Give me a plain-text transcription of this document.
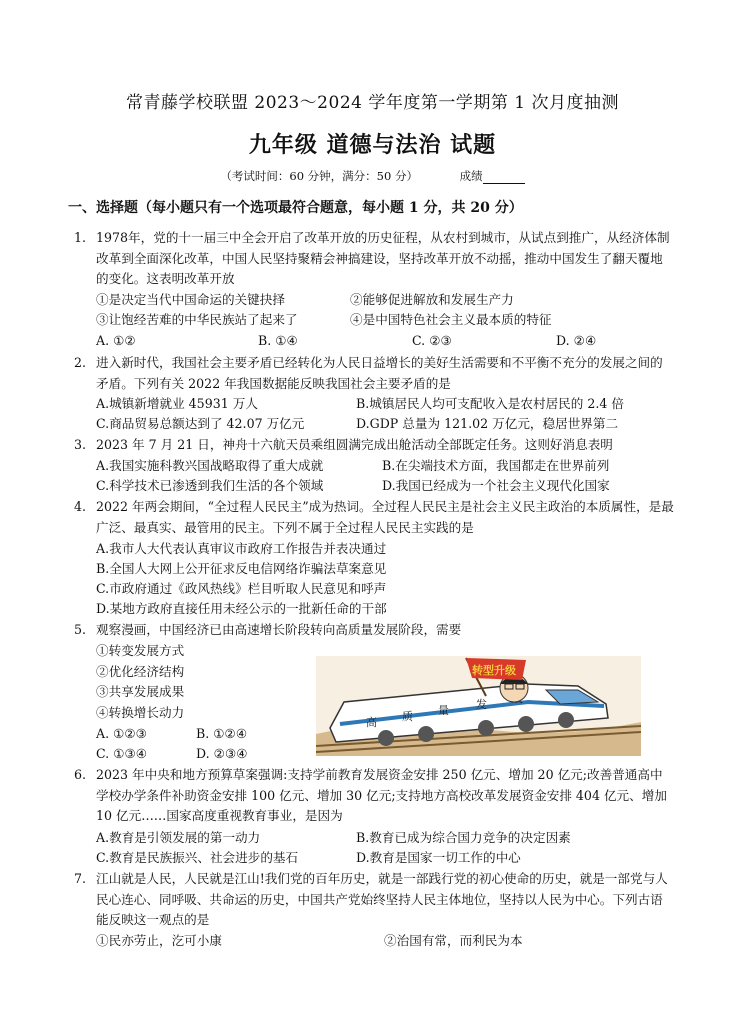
常青藤学校联盟 2023～2024 学年度第一学期第 1 次月度抽测
九年级 道德与法治 试题
（考试时间：60 分钟，满分：50 分）	成绩
一、选择题（每小题只有一个选项最符合题意，每小题 1 分，共 20 分）
1. 1978年，党的十一届三中全会开启了改革开放的历史征程，从农村到城市，从试点到推广，从经济体制改革到全面深化改革，中国人民坚持聚精会神搞建设，坚持改革开放不动摇，推动中国发生了翻天覆地的变化。这表明改革开放
①是决定当代中国命运的关键抉择	②能够促进解放和发展生产力
③让饱经苦难的中华民族站了起来了	④是中国特色社会主义最本质的特征
A. ①②	B. ①④	C. ②③	D. ②④
2. 进入新时代，我国社会主要矛盾已经转化为人民日益增长的美好生活需要和不平衡不充分的发展之间的矛盾。下列有关 2022 年我国数据能反映我国社会主要矛盾的是
A.城镇新增就业 45931 万人	B.城镇居民人均可支配收入是农村居民的 2.4 倍
C.商品贸易总额达到了 42.07 万亿元	D.GDP 总量为 121.02 万亿元，稳居世界第二
3. 2023 年 7 月 21 日，神舟十六航天员乘组圆满完成出舱活动全部既定任务。这则好消息表明
A.我国实施科教兴国战略取得了重大成就	B.在尖端技术方面，我国都走在世界前列
C.科学技术已渗透到我们生活的各个领域	D.我国已经成为一个社会主义现代化国家
4. 2022 年两会期间，“全过程人民民主”成为热词。全过程人民民主是社会主义民主政治的本质属性，是最广泛、最真实、最管用的民主。下列不属于全过程人民民主实践的是
A.我市人大代表认真审议市政府工作报告并表决通过
B.全国人大网上公开征求反电信网络诈骗法草案意见
C.市政府通过《政风热线》栏目听取人民意见和呼声
D.某地方政府直接任用未经公示的一批新任命的干部
5. 观察漫画，中国经济已由高速增长阶段转向高质量发展阶段，需要
①转变发展方式
②优化经济结构
③共享发展成果
④转换增长动力
A. ①②③	B. ①②④
C. ①③④	D. ②③④
高 质 量 发
转型升级
6. 2023 年中央和地方预算草案强调:支持学前教育发展资金安排 250 亿元、增加 20 亿元;改善普通高中学校办学条件补助资金安排 100 亿元、增加 30 亿元;支持地方高校改革发展资金安排 404 亿元、增加 10 亿元……国家高度重视教育事业，是因为
A.教育是引领发展的第一动力	B.教育已成为综合国力竞争的决定因素
C.教育是民族振兴、社会进步的基石	D.教育是国家一切工作的中心
7. 江山就是人民，人民就是江山!我们党的百年历史，就是一部践行党的初心使命的历史，就是一部党与人民心连心、同呼吸、共命运的历史，中国共产党始终坚持人民主体地位，坚持以人民为中心。下列古语能反映这一观点的是
①民亦劳止，汔可小康	②治国有常，而利民为本
